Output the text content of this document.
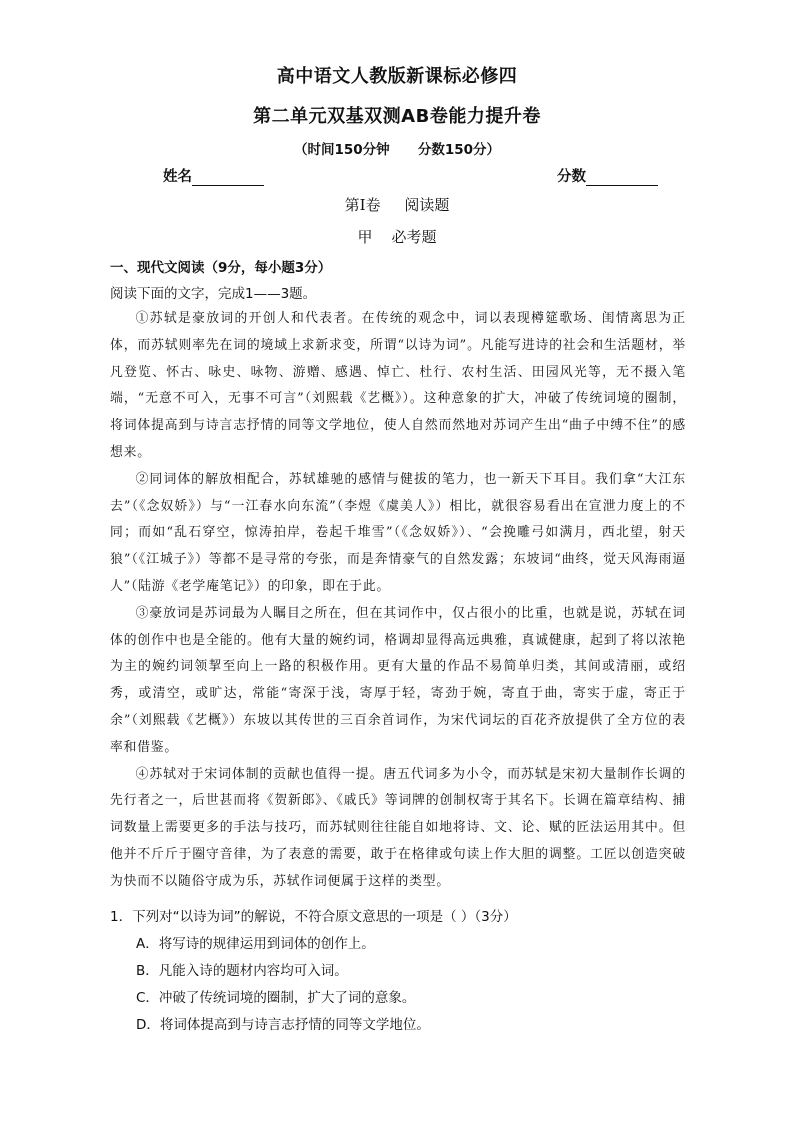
高中语文人教版新课标必修四
第二单元双基双测AB卷能力提升卷
（时间150分钟      分数150分）
姓名	分数
第Ⅰ卷     阅读题
甲    必考题
一、现代文阅读（9分，每小题3分）
阅读下面的文字，完成1——3题。

①苏轼是豪放词的开创人和代表者。在传统的观念中，词以表现樽筵歌场、闺情离思为正体，而苏轼则率先在词的境域上求新求变，所谓“以诗为词”。凡能写进诗的社会和生活题材，举凡登览、怀古、咏史、咏物、游赠、感遇、悼亡、杜行、农村生活、田园风光等，无不摄入笔端，“无意不可入，无事不可言”（刘熙载《艺概》）。这种意象的扩大，冲破了传统词境的圈制，将词体提高到与诗言志抒情的同等文学地位，使人自然而然地对苏词产生出“曲子中缚不住”的感想来。

②同词体的解放相配合，苏轼雄驰的感情与健拔的笔力，也一新天下耳目。我们拿“大江东去”（《念奴娇》）与“一江春水向东流”（李煜《虞美人》）相比，就很容易看出在宣泄力度上的不同；而如“乱石穿空，惊涛拍岸，卷起千堆雪”（《念奴娇》）、“会挽雕弓如满月，西北望，射天狼”（《江城子》）等都不是寻常的夸张，而是奔情豪气的自然发露；东坡词“曲终，觉天风海雨逼人”（陆游《老学庵笔记》）的印象，即在于此。

③豪放词是苏词最为人瞩目之所在，但在其词作中，仅占很小的比重，也就是说，苏轼在词体的创作中也是全能的。他有大量的婉约词，格调却显得高远典雅，真诚健康，起到了将以浓艳为主的婉约词领挈至向上一路的积极作用。更有大量的作品不易简单归类，其间或清丽，或绍秀，或清空，或旷达，常能“寄深于浅，寄厚于轻，寄劲于婉，寄直于曲，寄实于虚，寄正于余”（刘熙载《艺概》）东坡以其传世的三百余首词作，为宋代词坛的百花齐放提供了全方位的表率和借鉴。

④苏轼对于宋词体制的贡献也值得一提。唐五代词多为小令，而苏轼是宋初大量制作长调的先行者之一，后世甚而将《贺新郎》、《戚氏》等词牌的创制权寄于其名下。长调在篇章结构、捕词数量上需要更多的手法与技巧，而苏轼则往往能自如地将诗、文、论、赋的匠法运用其中。但他并不斤斤于圈守音律，为了表意的需要，敢于在格律或句读上作大胆的调整。工匠以创造突破为快而不以随俗守成为乐，苏轼作词便属于这样的类型。

1．下列对“以诗为词”的解说，不符合原文意思的一项是（ ）（3分）
A．将写诗的规律运用到词体的创作上。
B．凡能入诗的题材内容均可入词。
C．冲破了传统词境的圈制，扩大了词的意象。
D．将词体提高到与诗言志抒情的同等文学地位。
